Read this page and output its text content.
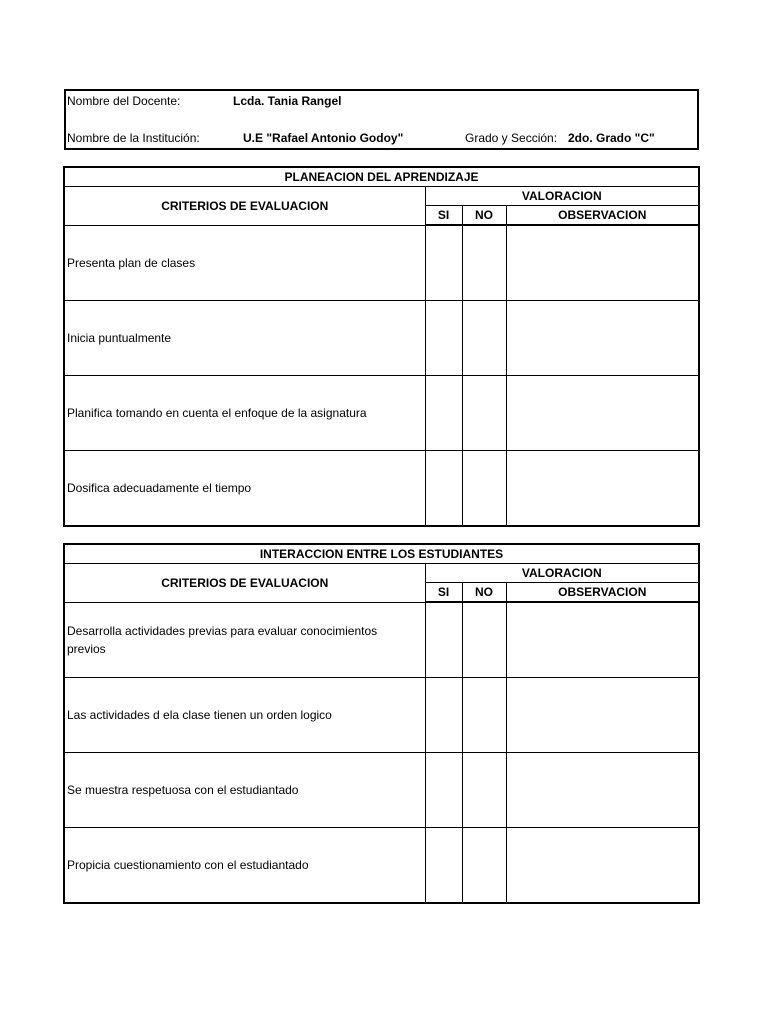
Nombre del Docente:	Lcda. Tania Rangel
Nombre de la Institución:	U.E "Rafael Antonio Godoy"	Grado y Sección: 2do. Grado "C"
PLANEACION DEL APRENDIZAJE			
CRITERIOS DE EVALUACION	VALORACION		
	SI	NO	OBSERVACION
Presenta plan de clases			
Inicia puntualmente			
Planifica tomando en cuenta el enfoque de la asignatura			
Dosifica adecuadamente el tiempo			
INTERACCION ENTRE LOS ESTUDIANTES			
CRITERIOS DE EVALUACION	VALORACION		
	SI	NO	OBSERVACION
Desarrolla actividades previas para evaluar conocimientos previos			
Las actividades d ela clase tienen un orden logico			
Se muestra respetuosa con el estudiantado			
Propicia cuestionamiento con el estudiantado			
